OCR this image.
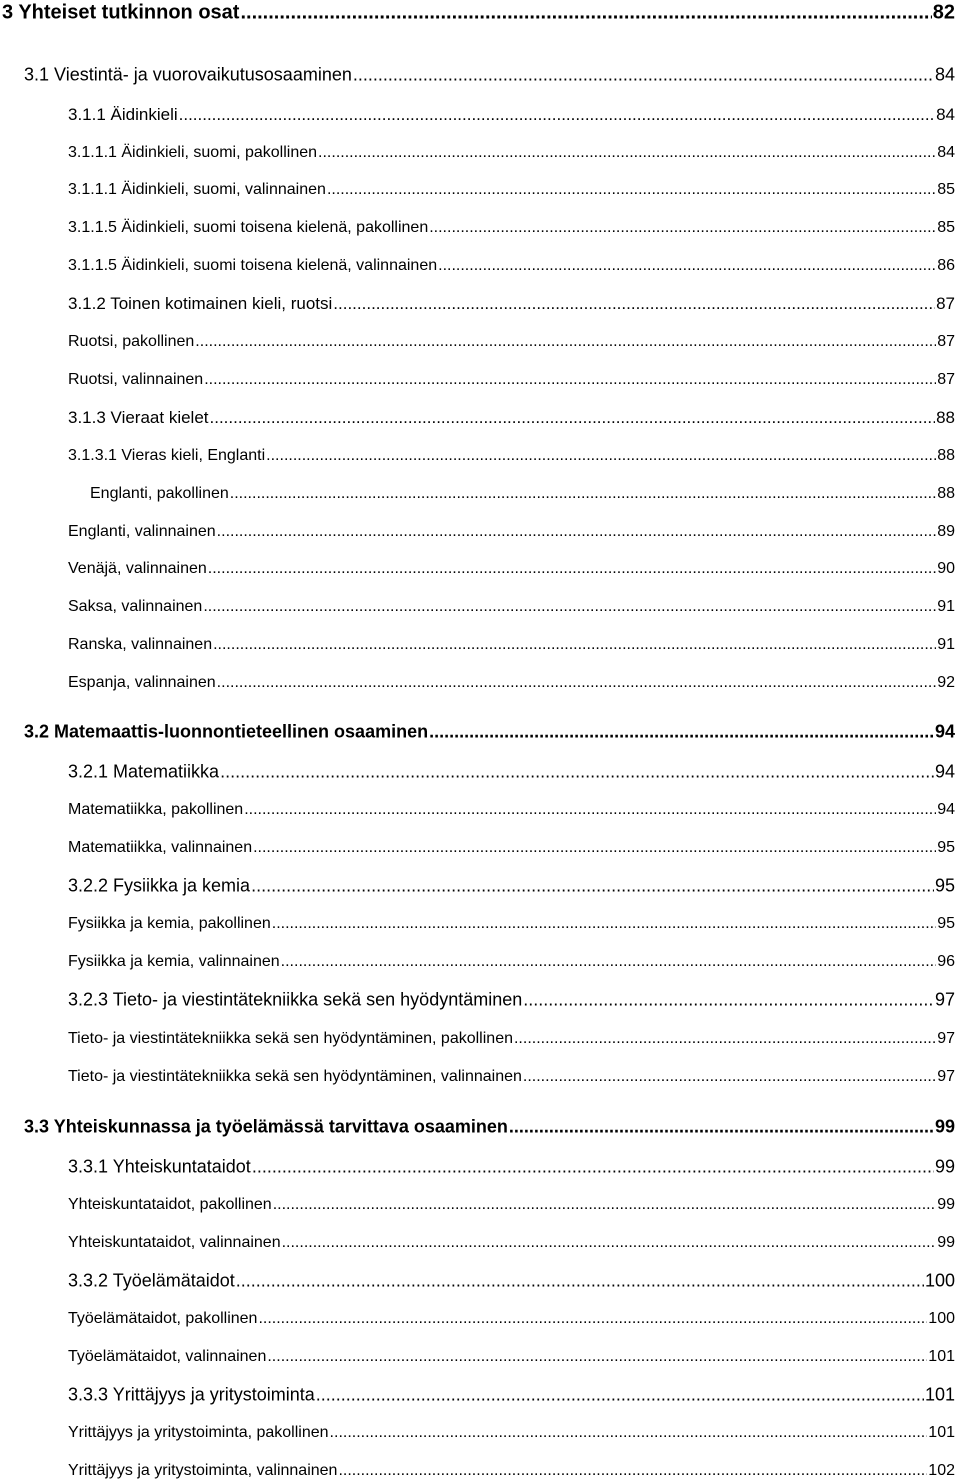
3 Yhteiset tutkinnon osat .....	82
3.1 Viestintä- ja vuorovaikutusosaaminen .....	84
3.1.1 Äidinkieli .....	84
3.1.1.1 Äidinkieli, suomi, pakollinen .....	84
3.1.1.1 Äidinkieli, suomi, valinnainen .....	85
3.1.1.5 Äidinkieli, suomi toisena kielenä, pakollinen .....	85
3.1.1.5 Äidinkieli, suomi toisena kielenä, valinnainen .....	86
3.1.2 Toinen kotimainen kieli, ruotsi .....	87
Ruotsi, pakollinen .....	87
Ruotsi, valinnainen .....	87
3.1.3 Vieraat kielet .....	88
3.1.3.1 Vieras kieli, Englanti .....	88
Englanti, pakollinen .....	88
Englanti, valinnainen .....	89
Venäjä, valinnainen .....	90
Saksa, valinnainen .....	91
Ranska, valinnainen .....	91
Espanja, valinnainen .....	92
3.2 Matemaattis-luonnontieteellinen osaaminen .....	94
3.2.1 Matematiikka .....	94
Matematiikka, pakollinen .....	94
Matematiikka, valinnainen .....	95
3.2.2 Fysiikka ja kemia .....	95
Fysiikka ja kemia, pakollinen .....	95
Fysiikka ja kemia, valinnainen .....	96
3.2.3 Tieto- ja viestintätekniikka sekä sen hyödyntäminen .....	97
Tieto- ja viestintätekniikka sekä sen hyödyntäminen, pakollinen .....	97
Tieto- ja viestintätekniikka sekä sen hyödyntäminen, valinnainen .....	97
3.3 Yhteiskunnassa ja työelämässä tarvittava osaaminen .....	99
3.3.1 Yhteiskuntataidot .....	99
Yhteiskuntataidot, pakollinen .....	99
Yhteiskuntataidot, valinnainen .....	99
3.3.2 Työelämätaidot .....	100
Työelämätaidot, pakollinen .....	100
Työelämätaidot, valinnainen .....	101
3.3.3 Yrittäjyys ja yritystoiminta .....	101
Yrittäjyys ja yritystoiminta, pakollinen .....	101
Yrittäjyys ja yritystoiminta, valinnainen .....	102
